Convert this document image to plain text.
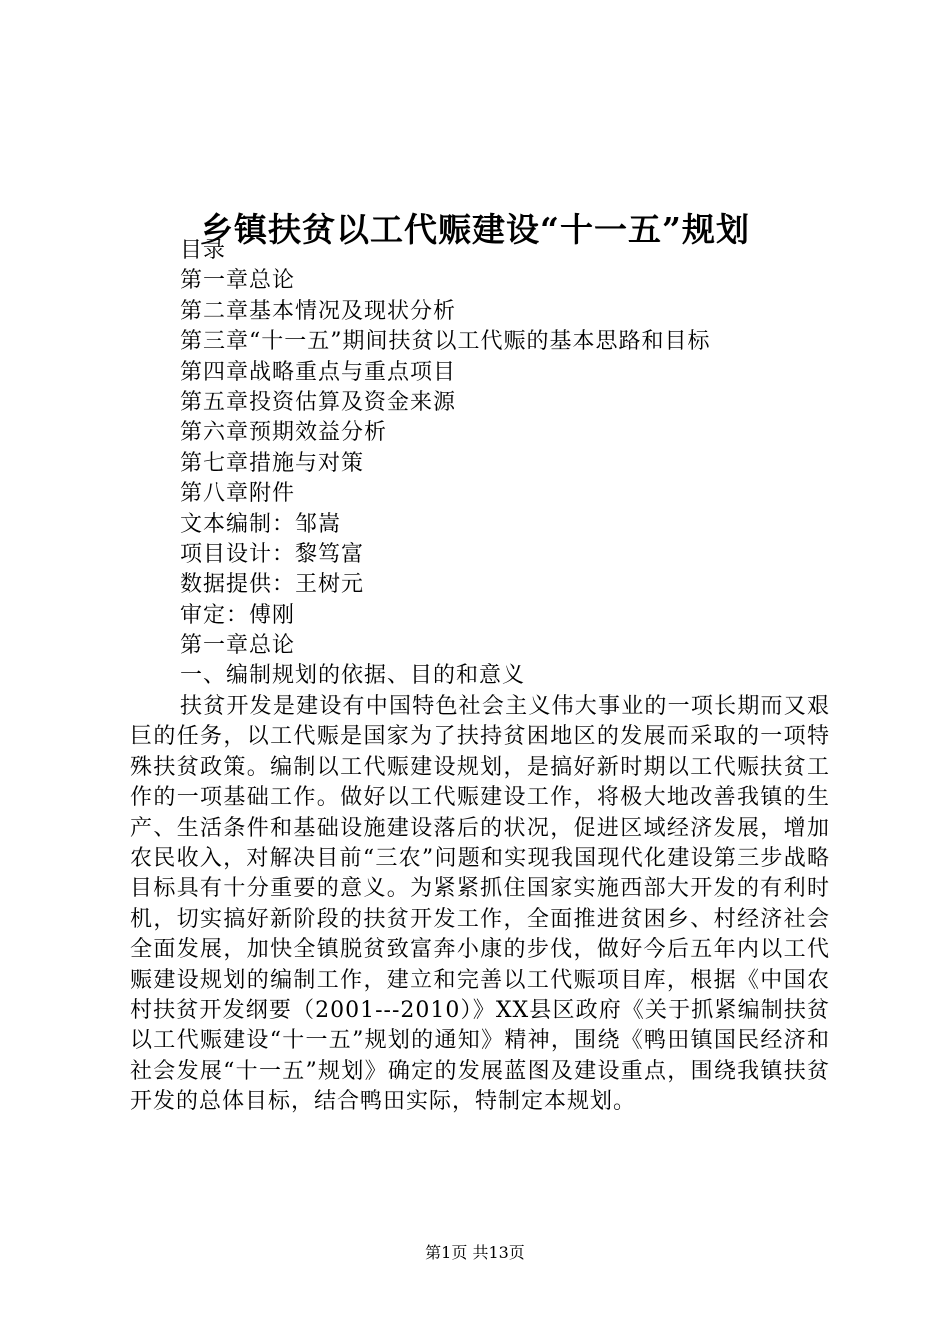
乡镇扶贫以工代赈建设“十一五”规划
目录
第一章总论
第二章基本情况及现状分析
第三章“十一五”期间扶贫以工代赈的基本思路和目标
第四章战略重点与重点项目
第五章投资估算及资金来源
第六章预期效益分析
第七章措施与对策
第八章附件
文本编制：邹嵩
项目设计：黎笃富
数据提供：王树元
审定：傅刚
第一章总论
一、编制规划的依据、目的和意义

扶贫开发是建设有中国特色社会主义伟大事业的一项长期而又艰巨的任务，以工代赈是国家为了扶持贫困地区的发展而采取的一项特殊扶贫政策。编制以工代赈建设规划，是搞好新时期以工代赈扶贫工作的一项基础工作。做好以工代赈建设工作，将极大地改善我镇的生产、生活条件和基础设施建设落后的状况，促进区域经济发展，增加农民收入，对解决目前“三农”问题和实现我国现代化建设第三步战略目标具有十分重要的意义。为紧紧抓住国家实施西部大开发的有利时机，切实搞好新阶段的扶贫开发工作，全面推进贫困乡、村经济社会全面发展，加快全镇脱贫致富奔小康的步伐，做好今后五年内以工代赈建设规划的编制工作，建立和完善以工代赈项目库，根据《中国农村扶贫开发纲要（2001---2010）》XX县区政府《关于抓紧编制扶贫以工代赈建设“十一五”规划的通知》精神，围绕《鸭田镇国民经济和社会发展“十一五”规划》确定的发展蓝图及建设重点，围绕我镇扶贫开发的总体目标，结合鸭田实际，特制定本规划。

第1页 共13页
